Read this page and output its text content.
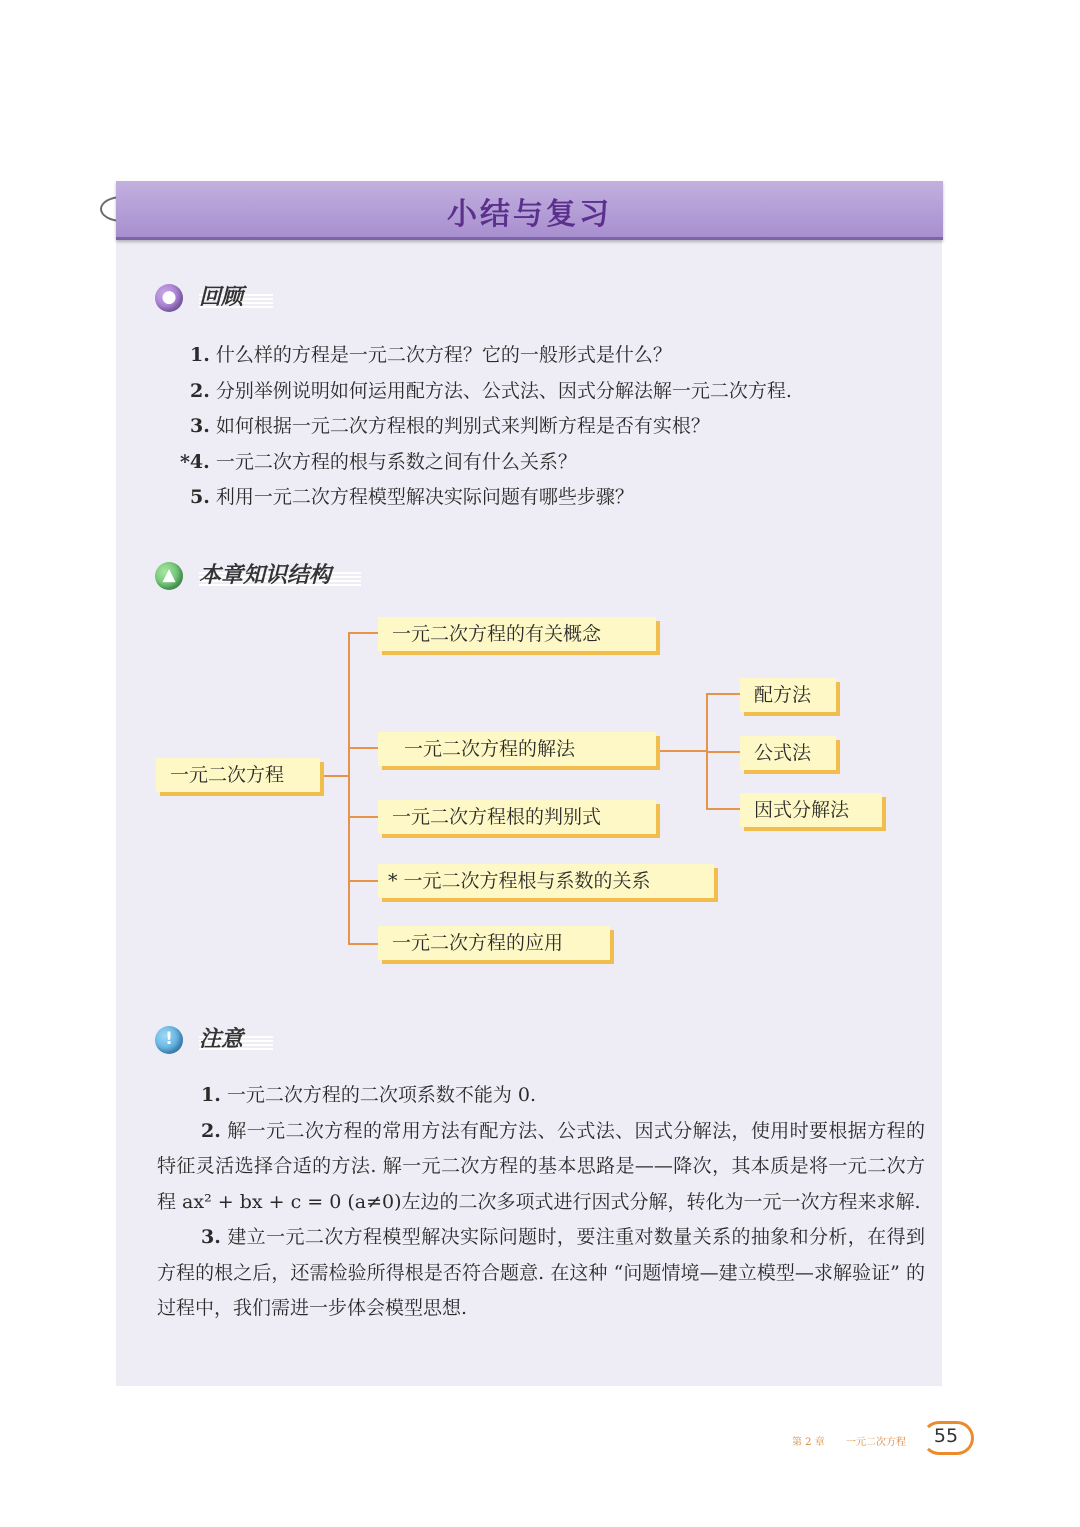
小结与复习
● 回顾
1. 什么样的方程是一元二次方程？它的一般形式是什么？
2. 分别举例说明如何运用配方法、公式法、因式分解法解一元二次方程.
3. 如何根据一元二次方程根的判别式来判断方程是否有实根？
*4. 一元二次方程的根与系数之间有什么关系？
5. 利用一元二次方程模型解决实际问题有哪些步骤？
▲	本章知识结构
一元二次方程
一元二次方程的有关概念
一元二次方程的解法
一元二次方程根的判别式
* 一元二次方程根与系数的关系
一元二次方程的应用
配方法
公式法
因式分解法
!	注意

1. 一元二次方程的二次项系数不能为 0.

2. 解一元二次方程的常用方法有配方法、公式法、因式分解法，使用时要根据方程的特征灵活选择合适的方法. 解一元二次方程的基本思路是——降次，其本质是将一元二次方程 ax² + bx + c = 0 (a≠0)左边的二次多项式进行因式分解，转化为一元一次方程来求解.

3. 建立一元二次方程模型解决实际问题时，要注重对数量关系的抽象和分析，在得到方程的根之后，还需检验所得根是否符合题意. 在这种 “问题情境—建立模型—求解验证” 的过程中，我们需进一步体会模型思想.

第 2 章 一元二次方程	55
